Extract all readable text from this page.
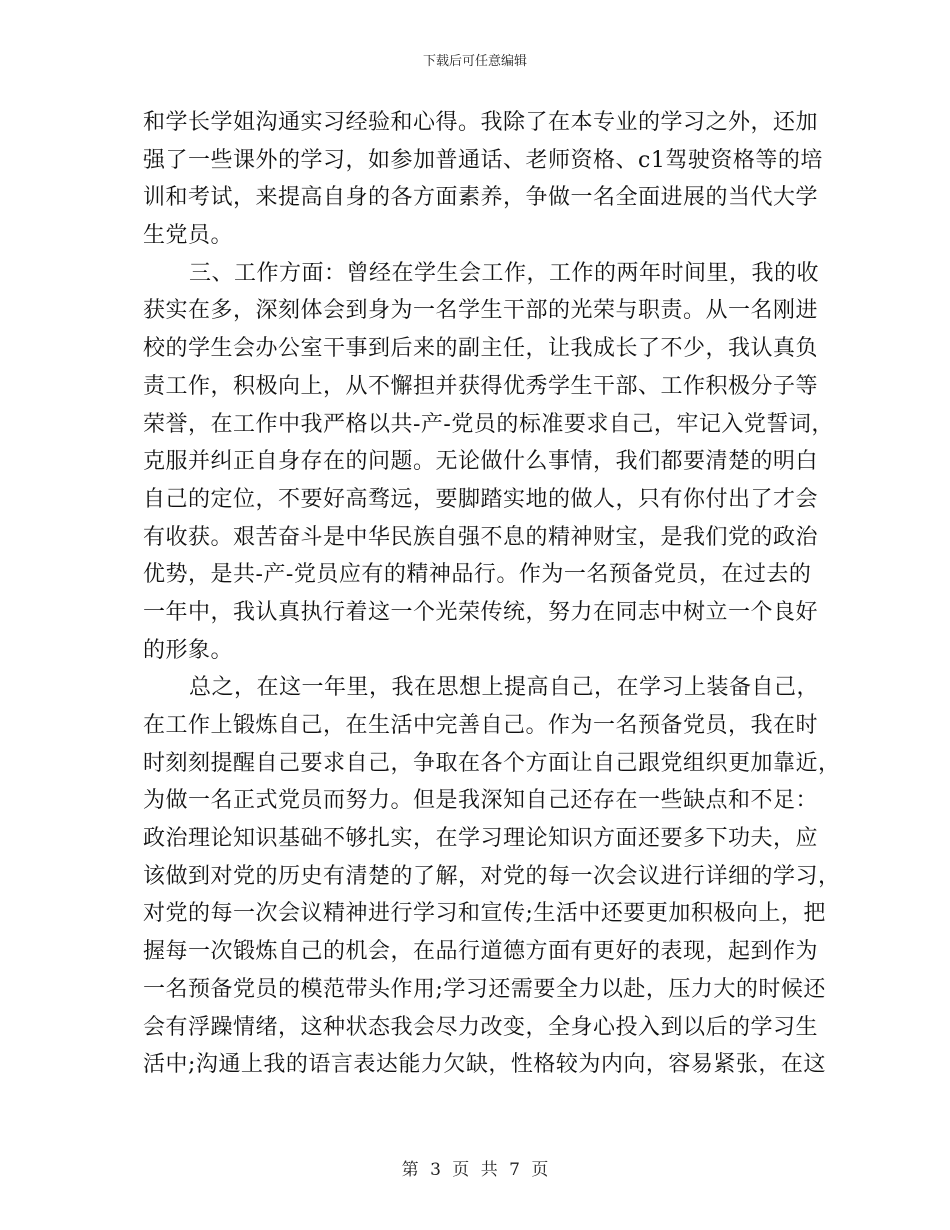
下载后可任意编辑
和学长学姐沟通实习经验和心得。我除了在本专业的学习之外，还加
强了一些课外的学习，如参加普通话、老师资格、c1驾驶资格等的培
训和考试，来提高自身的各方面素养，争做一名全面进展的当代大学
生党员。
三、工作方面：曾经在学生会工作，工作的两年时间里，我的收
获实在多，深刻体会到身为一名学生干部的光荣与职责。从一名刚进
校的学生会办公室干事到后来的副主任，让我成长了不少，我认真负
责工作，积极向上，从不懈担并获得优秀学生干部、工作积极分子等
荣誉，在工作中我严格以共-产-党员的标准要求自己，牢记入党誓词，
克服并纠正自身存在的问题。无论做什么事情，我们都要清楚的明白
自己的定位，不要好高骛远，要脚踏实地的做人，只有你付出了才会
有收获。艰苦奋斗是中华民族自强不息的精神财宝，是我们党的政治
优势，是共-产-党员应有的精神品行。作为一名预备党员，在过去的
一年中，我认真执行着这一个光荣传统，努力在同志中树立一个良好
的形象。
总之，在这一年里，我在思想上提高自己，在学习上装备自己，
在工作上锻炼自己，在生活中完善自己。作为一名预备党员，我在时
时刻刻提醒自己要求自己，争取在各个方面让自己跟党组织更加靠近，
为做一名正式党员而努力。但是我深知自己还存在一些缺点和不足：
政治理论知识基础不够扎实，在学习理论知识方面还要多下功夫，应
该做到对党的历史有清楚的了解，对党的每一次会议进行详细的学习，
对党的每一次会议精神进行学习和宣传;生活中还要更加积极向上，把
握每一次锻炼自己的机会，在品行道德方面有更好的表现，起到作为
一名预备党员的模范带头作用;学习还需要全力以赴，压力大的时候还
会有浮躁情绪，这种状态我会尽力改变，全身心投入到以后的学习生
活中;沟通上我的语言表达能力欠缺，性格较为内向，容易紧张，在这
第 3 页 共 7 页
